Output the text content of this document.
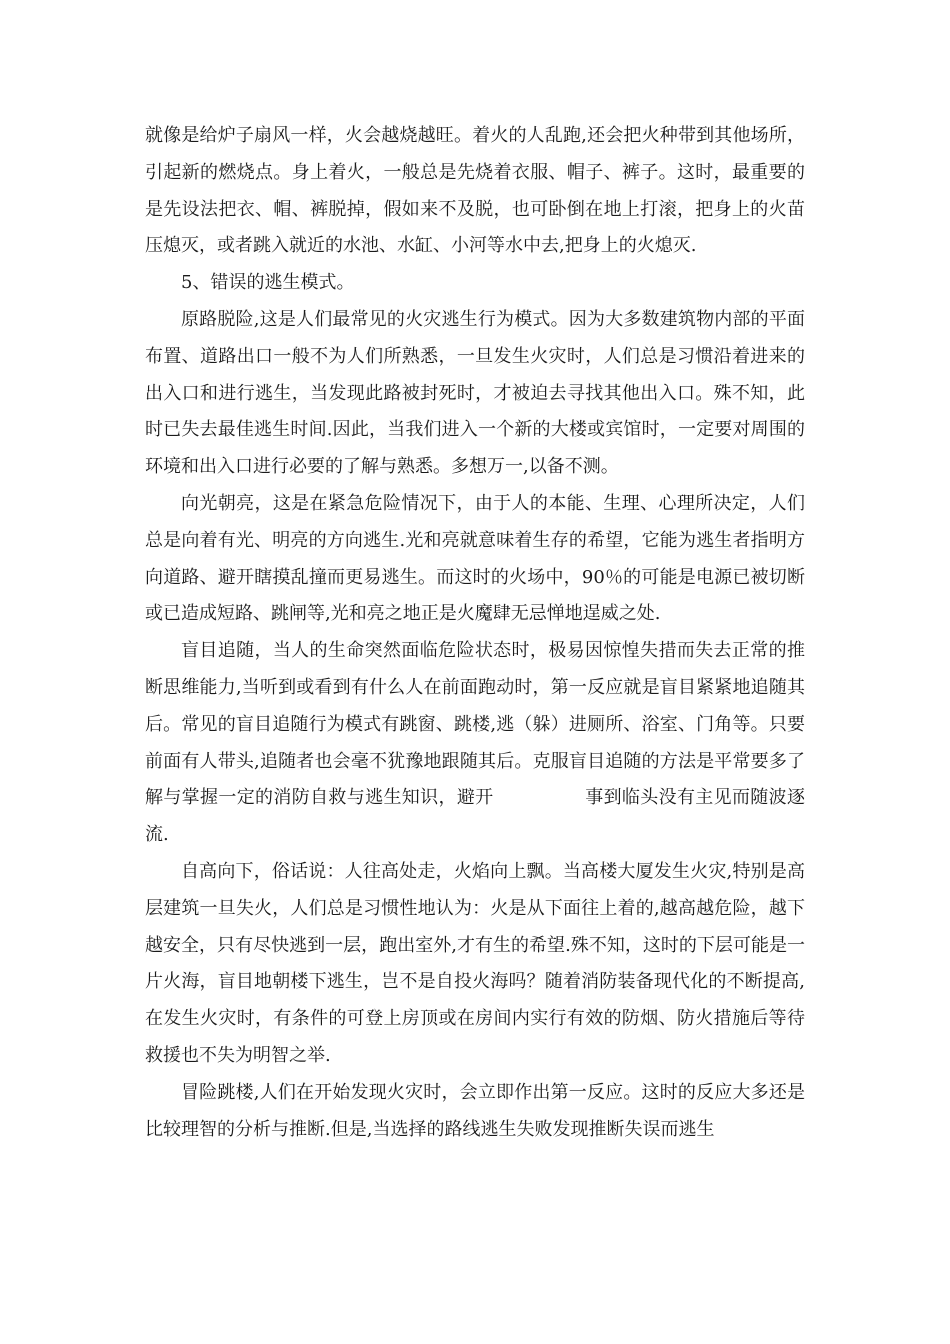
就像是给炉子扇风一样，火会越烧越旺。着火的人乱跑,还会把火种带到其他场所，引起新的燃烧点。身上着火，一般总是先烧着衣服、帽子、裤子。这时，最重要的是先设法把衣、帽、裤脱掉，假如来不及脱，也可卧倒在地上打滚，把身上的火苗压熄灭，或者跳入就近的水池、水缸、小河等水中去,把身上的火熄灭.

5、错误的逃生模式。

原路脱险,这是人们最常见的火灾逃生行为模式。因为大多数建筑物内部的平面布置、道路出口一般不为人们所熟悉，一旦发生火灾时，人们总是习惯沿着进来的出入口和进行逃生，当发现此路被封死时，才被迫去寻找其他出入口。殊不知，此时已失去最佳逃生时间.因此，当我们进入一个新的大楼或宾馆时，一定要对周围的环境和出入口进行必要的了解与熟悉。多想万一,以备不测。

向光朝亮，这是在紧急危险情况下，由于人的本能、生理、心理所决定，人们总是向着有光、明亮的方向逃生.光和亮就意味着生存的希望，它能为逃生者指明方向道路、避开瞎摸乱撞而更易逃生。而这时的火场中，90％的可能是电源已被切断或已造成短路、跳闸等,光和亮之地正是火魔肆无忌惮地逞威之处.

盲目追随，当人的生命突然面临危险状态时，极易因惊惶失措而失去正常的推断思维能力,当听到或看到有什么人在前面跑动时，第一反应就是盲目紧紧地追随其后。常见的盲目追随行为模式有跳窗、跳楼,逃（躲）进厕所、浴室、门角等。只要前面有人带头,追随者也会毫不犹豫地跟随其后。克服盲目追随的方法是平常要多了解与掌握一定的消防自救与逃生知识，避开　　　　　事到临头没有主见而随波逐流.

自高向下，俗话说：人往高处走，火焰向上飘。当高楼大厦发生火灾,特别是高层建筑一旦失火，人们总是习惯性地认为：火是从下面往上着的,越高越危险，越下越安全，只有尽快逃到一层，跑出室外,才有生的希望.殊不知，这时的下层可能是一片火海，盲目地朝楼下逃生，岂不是自投火海吗？随着消防装备现代化的不断提高,在发生火灾时，有条件的可登上房顶或在房间内实行有效的防烟、防火措施后等待救援也不失为明智之举.

冒险跳楼,人们在开始发现火灾时，会立即作出第一反应。这时的反应大多还是比较理智的分析与推断.但是,当选择的路线逃生失败发现推断失误而逃生
